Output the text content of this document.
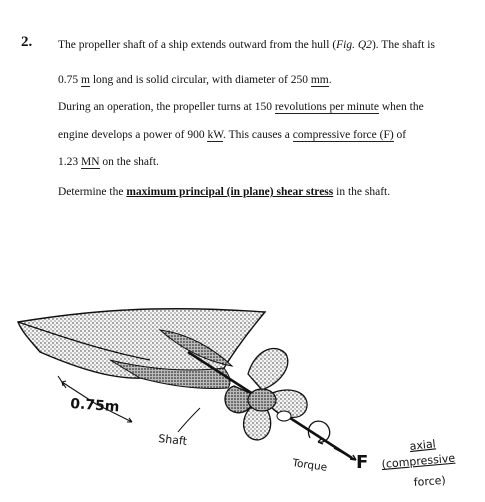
2. The propeller shaft of a ship extends outward from the hull (Fig. Q2). The shaft is
0.75 m long and is solid circular, with diameter of 250 mm.
During an operation, the propeller turns at 150 revolutions per minute when the
engine develops a power of 900 kW. This causes a compressive force (F) of
1.23 MN on the shaft.
Determine the maximum principal (in plane) shear stress in the shaft.
0.75m
Shaft
Torque F
axial
(compressive
force)
